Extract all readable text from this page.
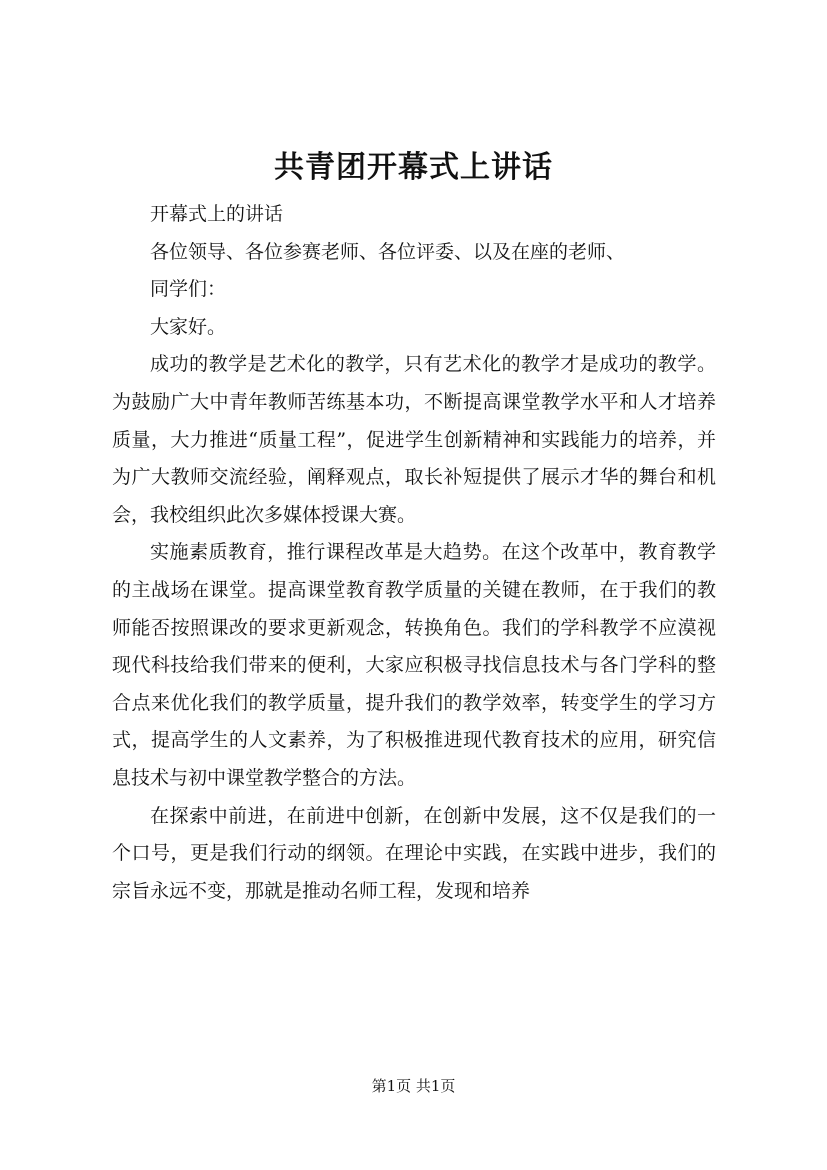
共青团开幕式上讲话

开幕式上的讲话

各位领导、各位参赛老师、各位评委、以及在座的老师、

同学们：

大家好。

成功的教学是艺术化的教学，只有艺术化的教学才是成功的教学。为鼓励广大中青年教师苦练基本功，不断提高课堂教学水平和人才培养质量，大力推进“质量工程”，促进学生创新精神和实践能力的培养，并为广大教师交流经验，阐释观点，取长补短提供了展示才华的舞台和机会，我校组织此次多媒体授课大赛。

实施素质教育，推行课程改革是大趋势。在这个改革中，教育教学的主战场在课堂。提高课堂教育教学质量的关键在教师，在于我们的教师能否按照课改的要求更新观念，转换角色。我们的学科教学不应漠视现代科技给我们带来的便利，大家应积极寻找信息技术与各门学科的整合点来优化我们的教学质量，提升我们的教学效率，转变学生的学习方式，提高学生的人文素养，为了积极推进现代教育技术的应用，研究信息技术与初中课堂教学整合的方法。

在探索中前进，在前进中创新，在创新中发展，这不仅是我们的一个口号，更是我们行动的纲领。在理论中实践，在实践中进步，我们的宗旨永远不变，那就是推动名师工程，发现和培养

第1页 共1页
